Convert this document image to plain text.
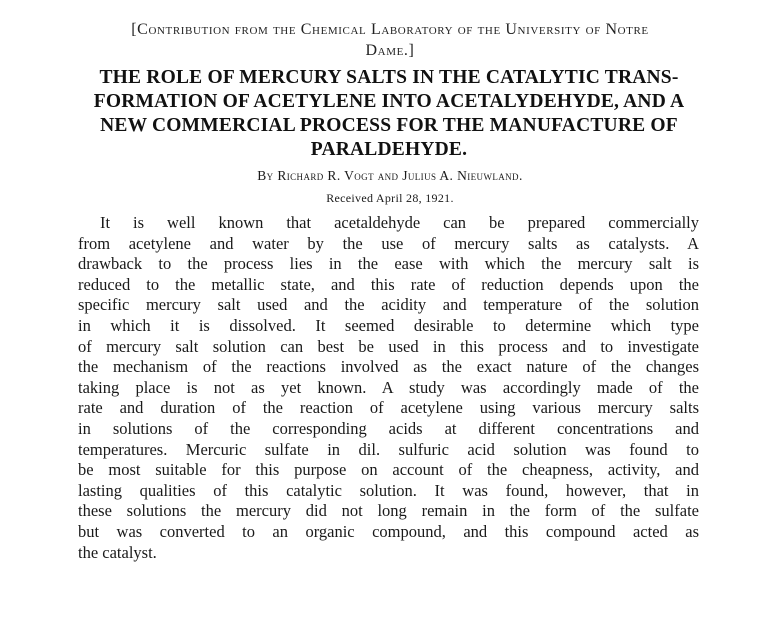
[Contribution from the Chemical Laboratory of the University of Notre
Dame.]
THE ROLE OF MERCURY SALTS IN THE CATALYTIC TRANS-
FORMATION OF ACETYLENE INTO ACETALYDEHYDE, AND A
NEW COMMERCIAL PROCESS FOR THE MANUFACTURE OF
PARALDEHYDE.
By Richard R. Vogt and Julius A. Nieuwland.
Received April 28, 1921.
It is well known that acetaldehyde can be prepared commercially
from acetylene and water by the use of mercury salts as catalysts. A
drawback to the process lies in the ease with which the mercury salt is
reduced to the metallic state, and this rate of reduction depends upon the
specific mercury salt used and the acidity and temperature of the solution
in which it is dissolved. It seemed desirable to determine which type
of mercury salt solution can best be used in this process and to investigate
the mechanism of the reactions involved as the exact nature of the changes
taking place is not as yet known. A study was accordingly made of the
rate and duration of the reaction of acetylene using various mercury salts
in solutions of the corresponding acids at different concentrations and
temperatures. Mercuric sulfate in dil. sulfuric acid solution was found to
be most suitable for this purpose on account of the cheapness, activity, and
lasting qualities of this catalytic solution. It was found, however, that in
these solutions the mercury did not long remain in the form of the sulfate
but was converted to an organic compound, and this compound acted as
the catalyst.
